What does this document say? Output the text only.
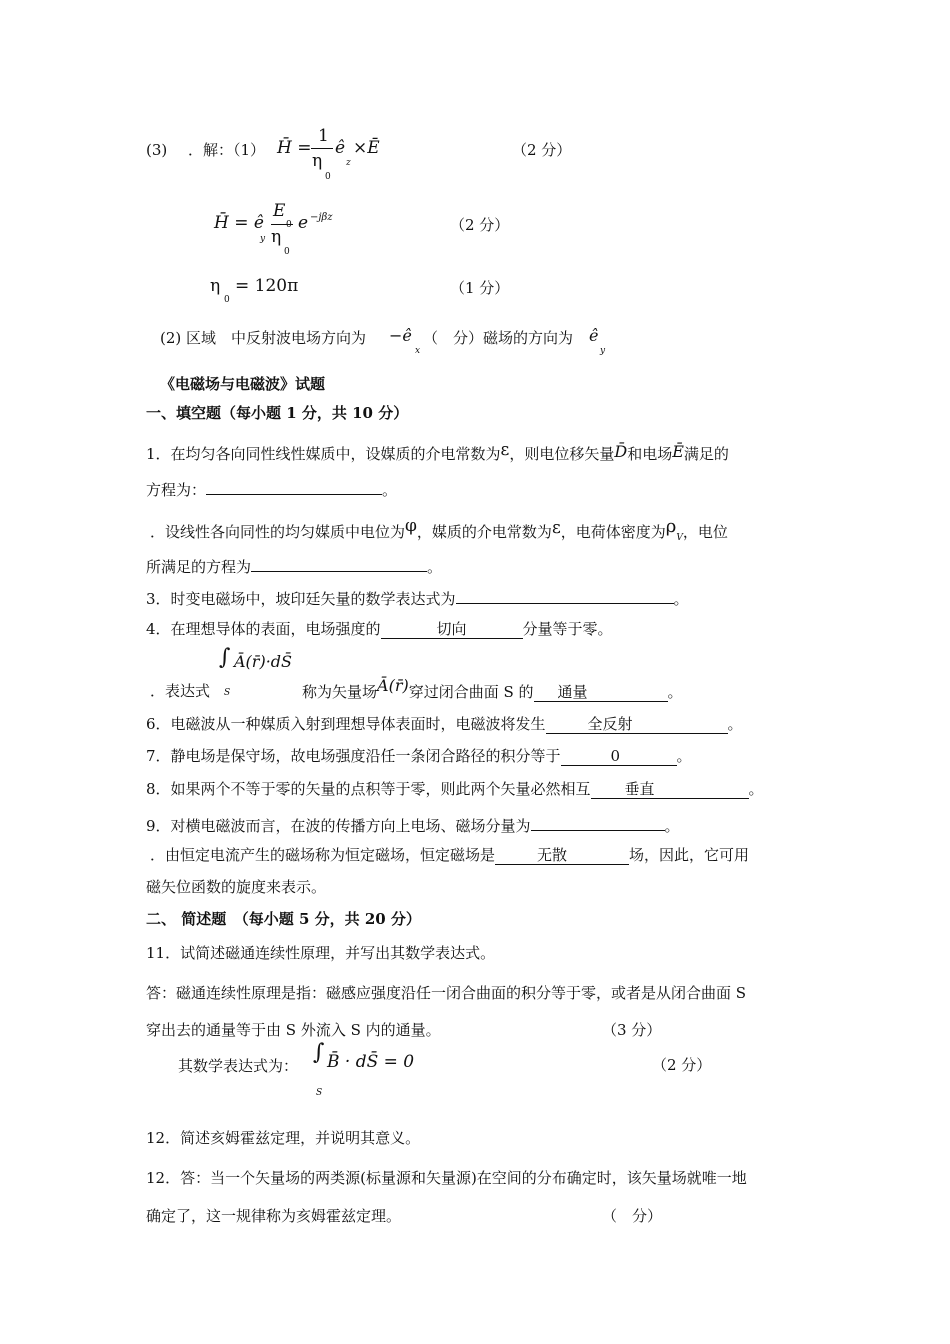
(3) ．解：（1） H̄ =
1
η
0
ê
z
×Ē	（2 分）
H̄ = ê
y
E
0
η
0
e −jβz	（2 分）
η
0
= 120π	（1 分）
(2) 区域　中反射波电场方向为 −ê
x
（　分）磁场的方向为 ê
y
《电磁场与电磁波》试题
一、填空题（每小题 1 分，共 10 分）
1．在均匀各向同性线性媒质中，设媒质的介电常数为ε，则电位移矢量D̄和电场Ē满足的
方程为：	。
．设线性各向同性的均匀媒质中电位为φ，媒质的介电常数为ε，电荷体密度为$\rho_V$，电位
所满足的方程为	。
3．时变电磁场中，坡印廷矢量的数学表达式为	。
4．在理想导体的表面，电场强度的	切向	分量等于零。
∫
S
Ā(r̄)·dS̄
．表达式	称为矢量场Ā(r̄)穿过闭合曲面 S 的 通量	。
6．电磁波从一种媒质入射到理想导体表面时，电磁波将发生	全反射	。
7．静电场是保守场，故电场强度沿任一条闭合路径的积分等于	0	。
8．如果两个不等于零的矢量的点积等于零，则此两个矢量必然相互 垂直	。
9．对横电磁波而言，在波的传播方向上电场、磁场分量为	。
．由恒定电流产生的磁场称为恒定磁场，恒定磁场是	无散	场，因此，它可用
磁矢位函数的旋度来表示。
二、 简述题　（每小题 5 分，共 20 分）
11．试简述磁通连续性原理，并写出其数学表达式。
答：磁通连续性原理是指：磁感应强度沿任一闭合曲面的积分等于零，或者是从闭合曲面 S
穿出去的通量等于由 S 外流入 S 内的通量。	（3 分）
其数学表达式为：
∫
S
B̄ · dS̄ = 0	（2 分）
12．简述亥姆霍兹定理，并说明其意义。
12．答：当一个矢量场的两类源(标量源和矢量源)在空间的分布确定时，该矢量场就唯一地
确定了，这一规律称为亥姆霍兹定理。	（　分）
